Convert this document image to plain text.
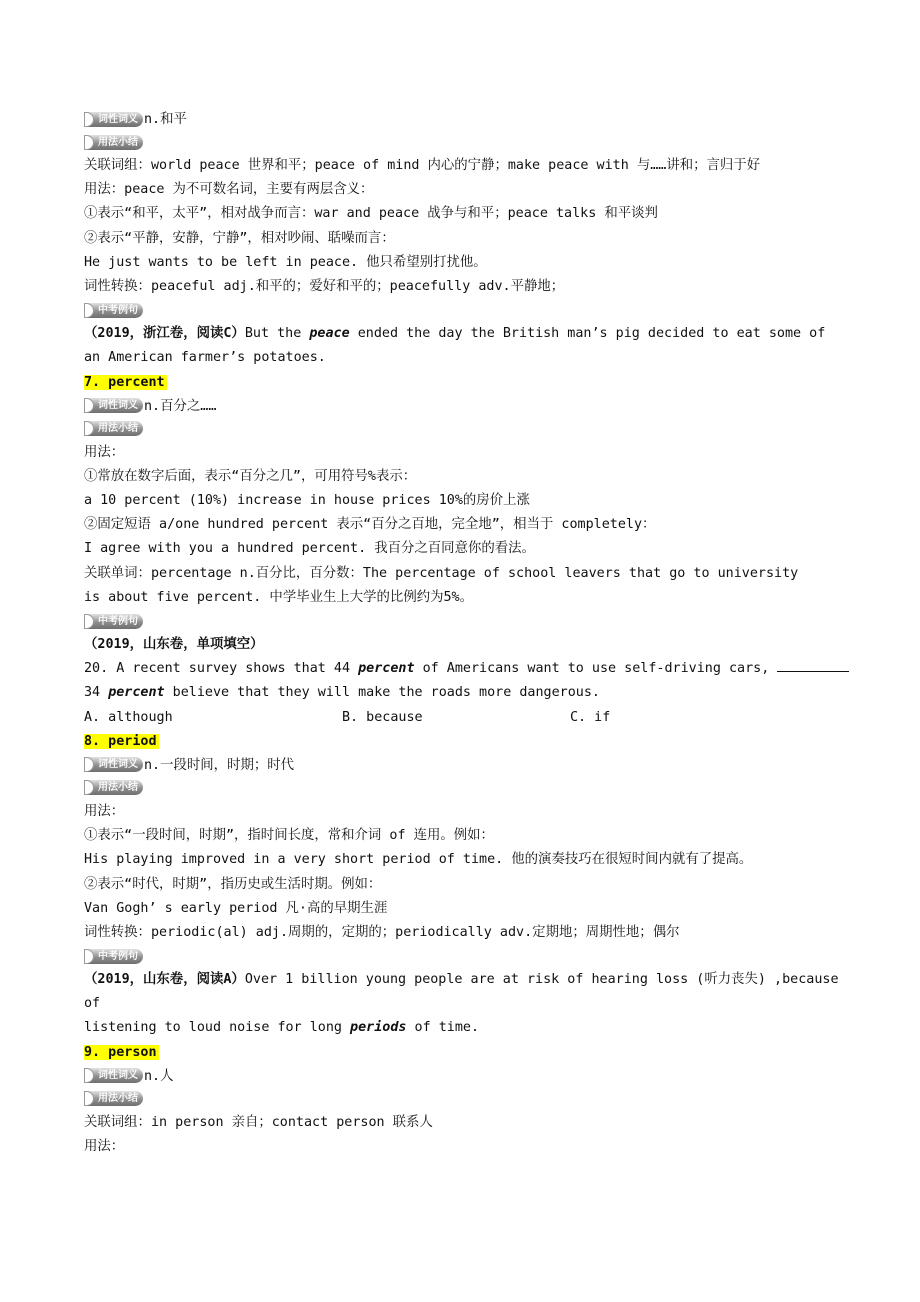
词性词义 n.和平
用法小结
关联词组：world peace 世界和平；peace of mind 内心的宁静；make peace with 与……讲和；言归于好
用法：peace 为不可数名词，主要有两层含义：
①表示“和平，太平”，相对战争而言：war and peace 战争与和平；peace talks 和平谈判
②表示“平静，安静，宁静”，相对吵闹、聒噪而言：
He just wants to be left in peace. 他只希望别打扰他。
词性转换：peaceful adj.和平的；爱好和平的；peacefully adv.平静地；
中考例句
（2019，浙江卷，阅读C）But the peace ended the day the British man’s pig decided to eat some of
an American farmer’s potatoes.
7. percent
词性词义 n.百分之……
用法小结
用法：
①常放在数字后面，表示“百分之几”，可用符号%表示：
a 10 percent (10%) increase in house prices 10%的房价上涨
②固定短语 a/one hundred percent 表示“百分之百地，完全地”，相当于 completely：
I agree with you a hundred percent. 我百分之百同意你的看法。
关联单词：percentage n.百分比，百分数：The percentage of school leavers that go to university
is about five percent. 中学毕业生上大学的比例约为5%。
中考例句
（2019，山东卷，单项填空）
20. A recent survey shows that 44 percent of Americans want to use self-driving cars,
34 percent believe that they will make the roads more dangerous.
A. although	B. because	C. if
8. period
词性词义 n.一段时间，时期；时代
用法小结
用法：
①表示“一段时间，时期”，指时间长度，常和介词 of 连用。例如：
His playing improved in a very short period of time. 他的演奏技巧在很短时间内就有了提高。
②表示“时代，时期”，指历史或生活时期。例如：
Van Gogh’ s early period 凡·高的早期生涯
词性转换：periodic(al) adj.周期的，定期的；periodically adv.定期地；周期性地；偶尔
中考例句
（2019，山东卷，阅读A）Over 1 billion young people are at risk of hearing loss (听力丧失) ,because
of
listening to loud noise for long periods of time.
9. person
词性词义 n.人
用法小结
关联词组：in person 亲自；contact person 联系人
用法：
